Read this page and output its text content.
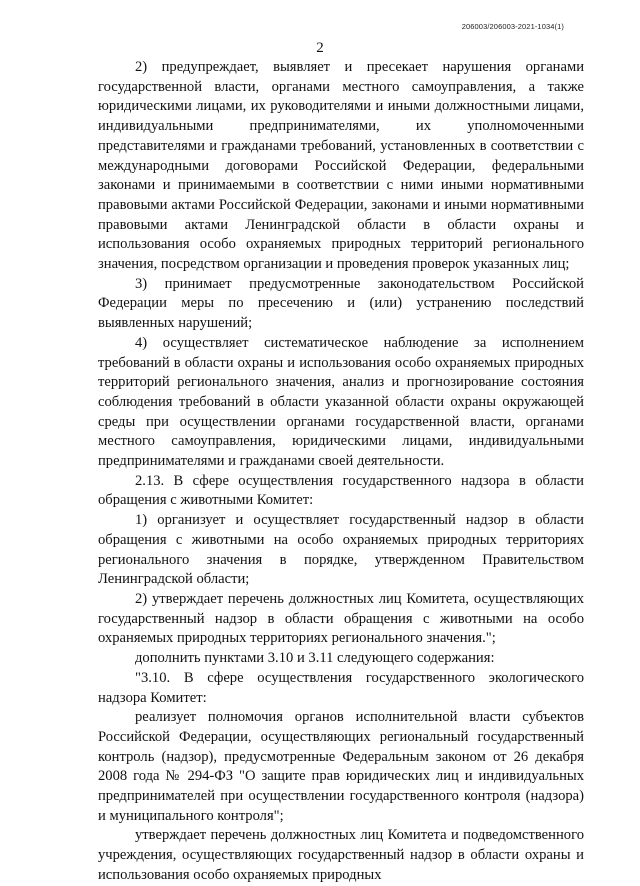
206003/206003-2021-1034(1)
2

2) предупреждает, выявляет и пресекает нарушения органами государственной власти, органами местного самоуправления, а также юридическими лицами, их руководителями и иными должностными лицами, индивидуальными предпринимателями, их уполномоченными представителями и гражданами требований, установленных в соответствии с международными договорами Российской Федерации, федеральными законами и принимаемыми в соответствии с ними иными нормативными правовыми актами Российской Федерации, законами и иными нормативными правовыми актами Ленинградской области в области охраны и использования особо охраняемых природных территорий регионального значения, посредством организации и проведения проверок указанных лиц;

3) принимает предусмотренные законодательством Российской Федерации меры по пресечению и (или) устранению последствий выявленных нарушений;

4) осуществляет систематическое наблюдение за исполнением требований в области охраны и использования особо охраняемых природных территорий регионального значения, анализ и прогнозирование состояния соблюдения требований в области указанной области охраны окружающей среды при осуществлении органами государственной власти, органами местного самоуправления, юридическими лицами, индивидуальными предпринимателями и гражданами своей деятельности.

2.13. В сфере осуществления государственного надзора в области обращения с животными Комитет:

1) организует и осуществляет государственный надзор в области обращения с животными на особо охраняемых природных территориях регионального значения в порядке, утвержденном Правительством Ленинградской области;

2) утверждает перечень должностных лиц Комитета, осуществляющих государственный надзор в области обращения с животными на особо охраняемых природных территориях регионального значения.";

дополнить пунктами 3.10 и 3.11 следующего содержания:

"3.10. В сфере осуществления государственного экологического надзора Комитет:

реализует полномочия органов исполнительной власти субъектов Российской Федерации, осуществляющих региональный государственный контроль (надзор), предусмотренные Федеральным законом от 26 декабря 2008 года № 294-ФЗ "О защите прав юридических лиц и индивидуальных предпринимателей при осуществлении государственного контроля (надзора) и муниципального контроля";

утверждает перечень должностных лиц Комитета и подведомственного учреждения, осуществляющих государственный надзор в области охраны и использования особо охраняемых природных
